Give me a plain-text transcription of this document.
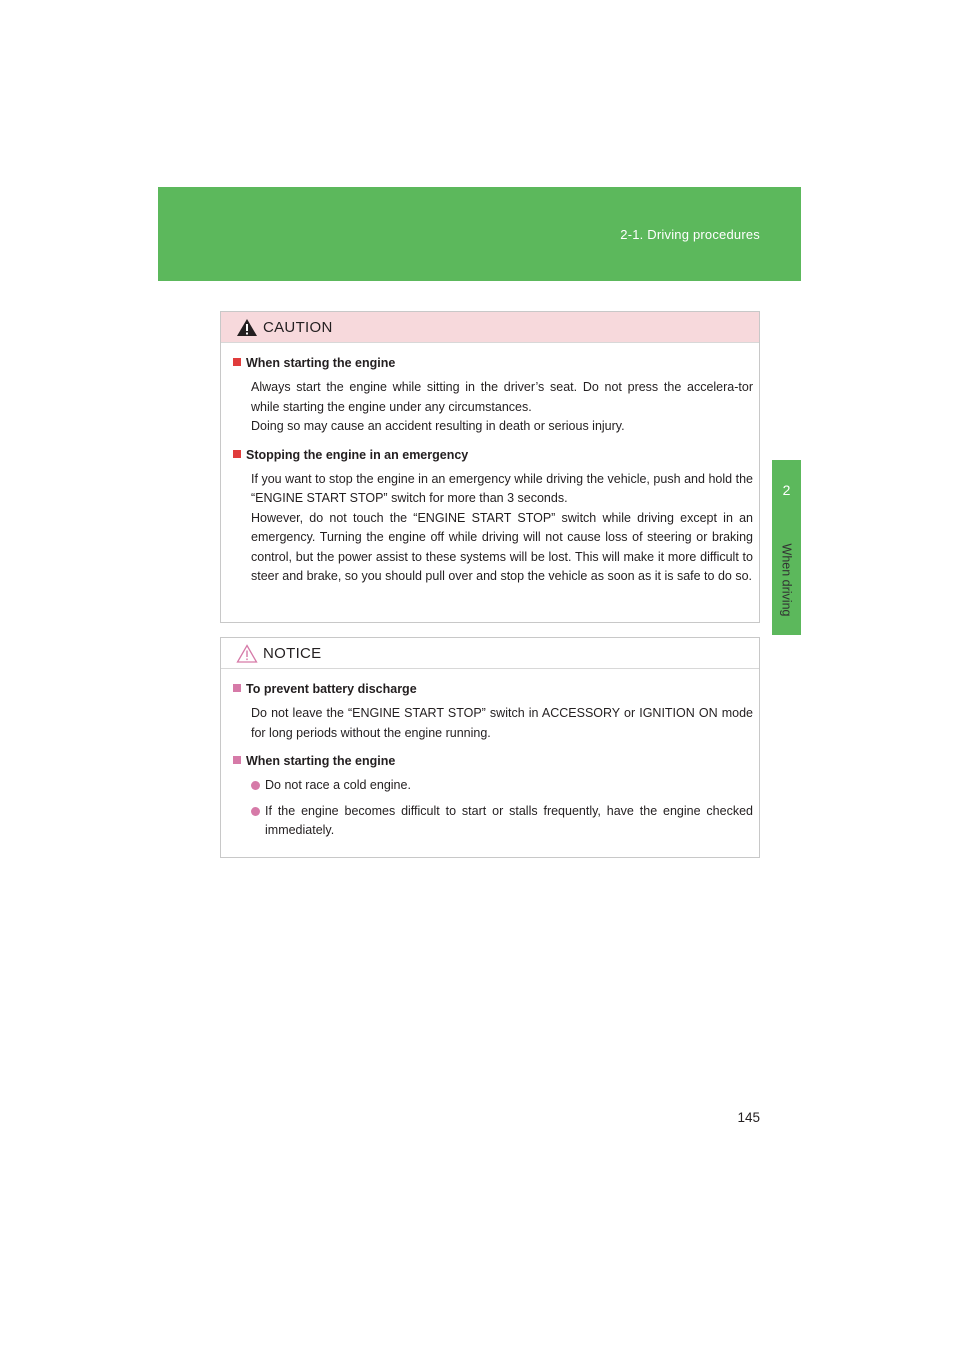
2-1. Driving procedures
2
When driving
CAUTION
When starting the engine
Always start the engine while sitting in the driver’s seat. Do not press the accelera-tor while starting the engine under any circumstances.
Doing so may cause an accident resulting in death or serious injury.
Stopping the engine in an emergency
If you want to stop the engine in an emergency while driving the vehicle, push and hold the “ENGINE START STOP” switch for more than 3 seconds.
However, do not touch the “ENGINE START STOP” switch while driving except in an emergency. Turning the engine off while driving will not cause loss of steering or braking control, but the power assist to these systems will be lost. This will make it more difficult to steer and brake, so you should pull over and stop the vehicle as soon as it is safe to do so.
NOTICE
To prevent battery discharge
Do not leave the “ENGINE START STOP” switch in ACCESSORY or IGNITION ON mode for long periods without the engine running.
When starting the engine
Do not race a cold engine.
If the engine becomes difficult to start or stalls frequently, have the engine checked immediately.
145
